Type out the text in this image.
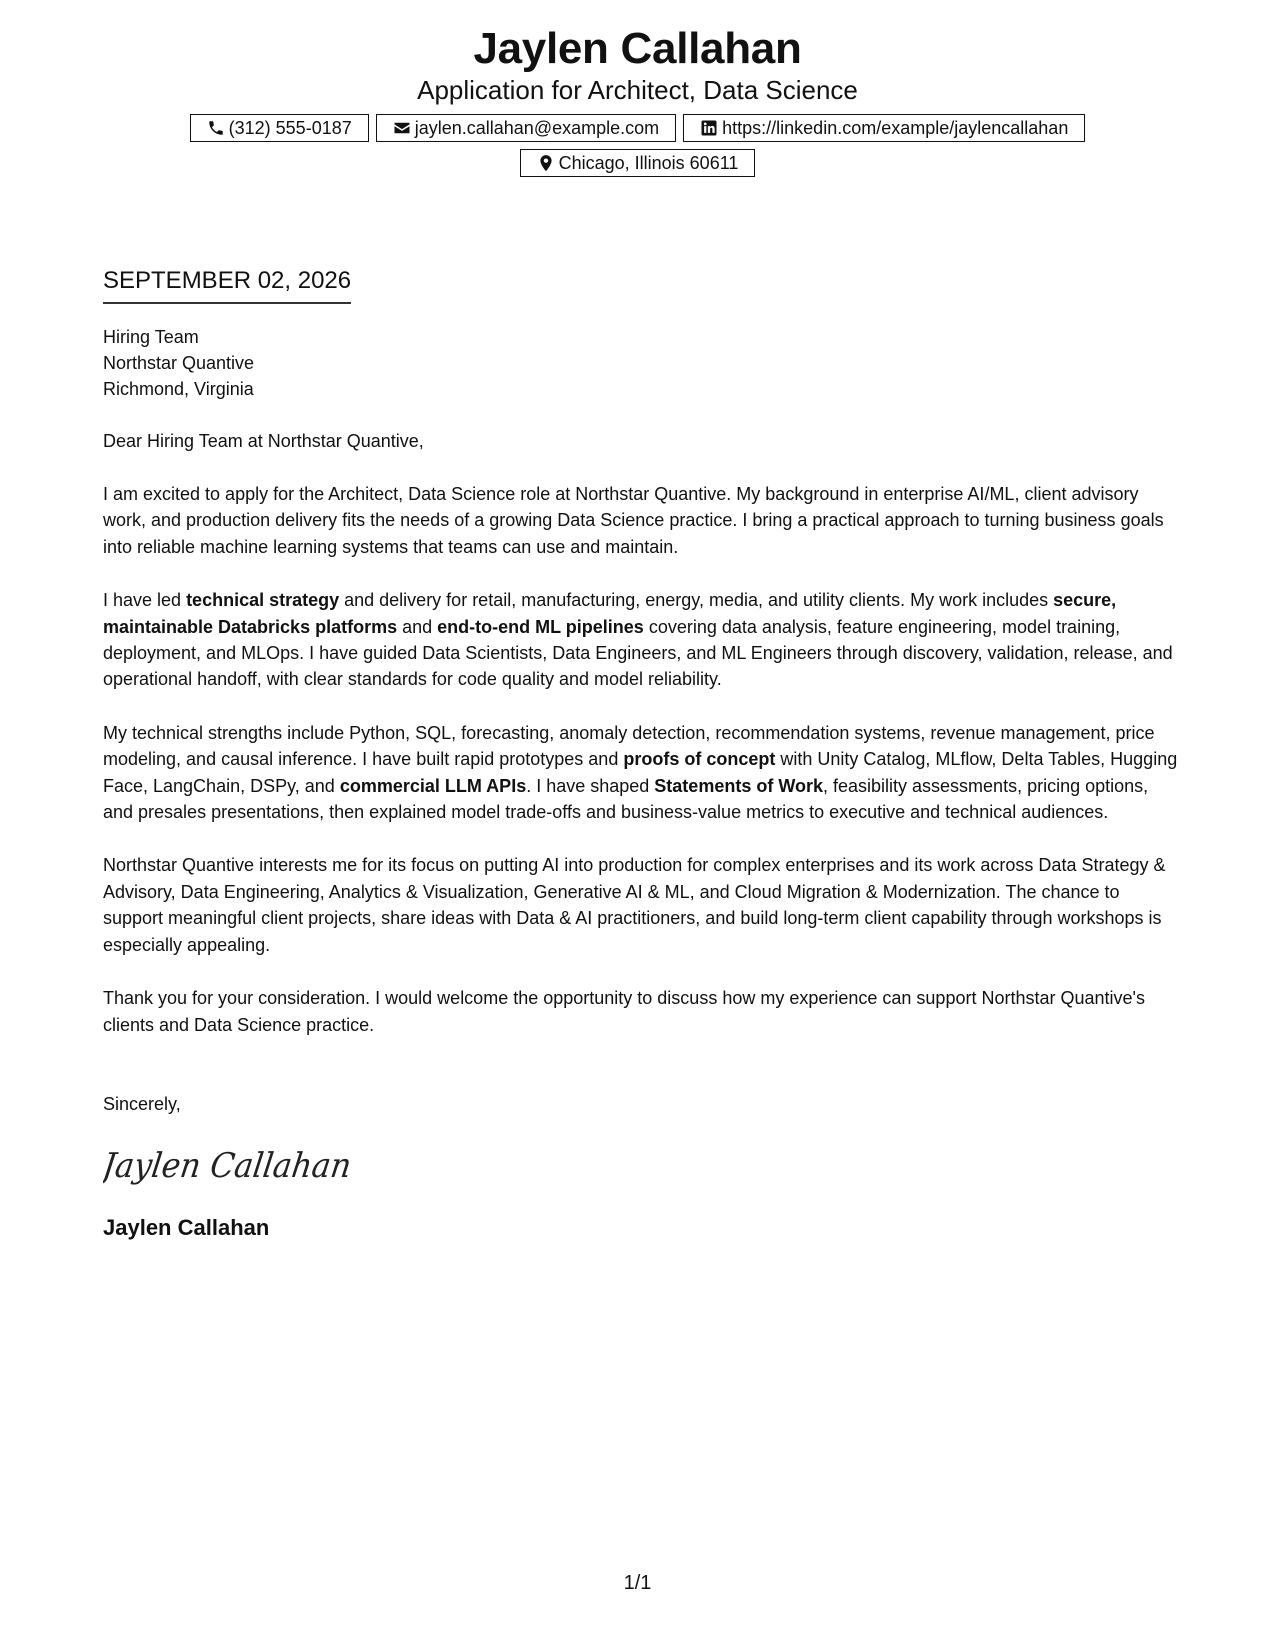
Jaylen Callahan
Application for Architect, Data Science
(312) 555-0187	jaylen.callahan@example.com	https://linkedin.com/example/jaylencallahan
Chicago, Illinois 60611
SEPTEMBER 02, 2026
Hiring Team
Northstar Quantive
Richmond, Virginia
Dear Hiring Team at Northstar Quantive,
I am excited to apply for the Architect, Data Science role at Northstar Quantive. My background in enterprise AI/ML, client advisory work, and production delivery fits the needs of a growing Data Science practice. I bring a practical approach to turning business goals into reliable machine learning systems that teams can use and maintain.
I have led technical strategy and delivery for retail, manufacturing, energy, media, and utility clients. My work includes secure, maintainable Databricks platforms and end-to-end ML pipelines covering data analysis, feature engineering, model training, deployment, and MLOps. I have guided Data Scientists, Data Engineers, and ML Engineers through discovery, validation, release, and operational handoff, with clear standards for code quality and model reliability.
My technical strengths include Python, SQL, forecasting, anomaly detection, recommendation systems, revenue management, price modeling, and causal inference. I have built rapid prototypes and proofs of concept with Unity Catalog, MLflow, Delta Tables, Hugging Face, LangChain, DSPy, and commercial LLM APIs. I have shaped Statements of Work, feasibility assessments, pricing options, and presales presentations, then explained model trade-offs and business-value metrics to executive and technical audiences.
Northstar Quantive interests me for its focus on putting AI into production for complex enterprises and its work across Data Strategy & Advisory, Data Engineering, Analytics & Visualization, Generative AI & ML, and Cloud Migration & Modernization. The chance to support meaningful client projects, share ideas with Data & AI practitioners, and build long-term client capability through workshops is especially appealing.
Thank you for your consideration. I would welcome the opportunity to discuss how my experience can support Northstar Quantive's clients and Data Science practice.
Sincerely,
Jaylen Callahan
Jaylen Callahan
1/1
